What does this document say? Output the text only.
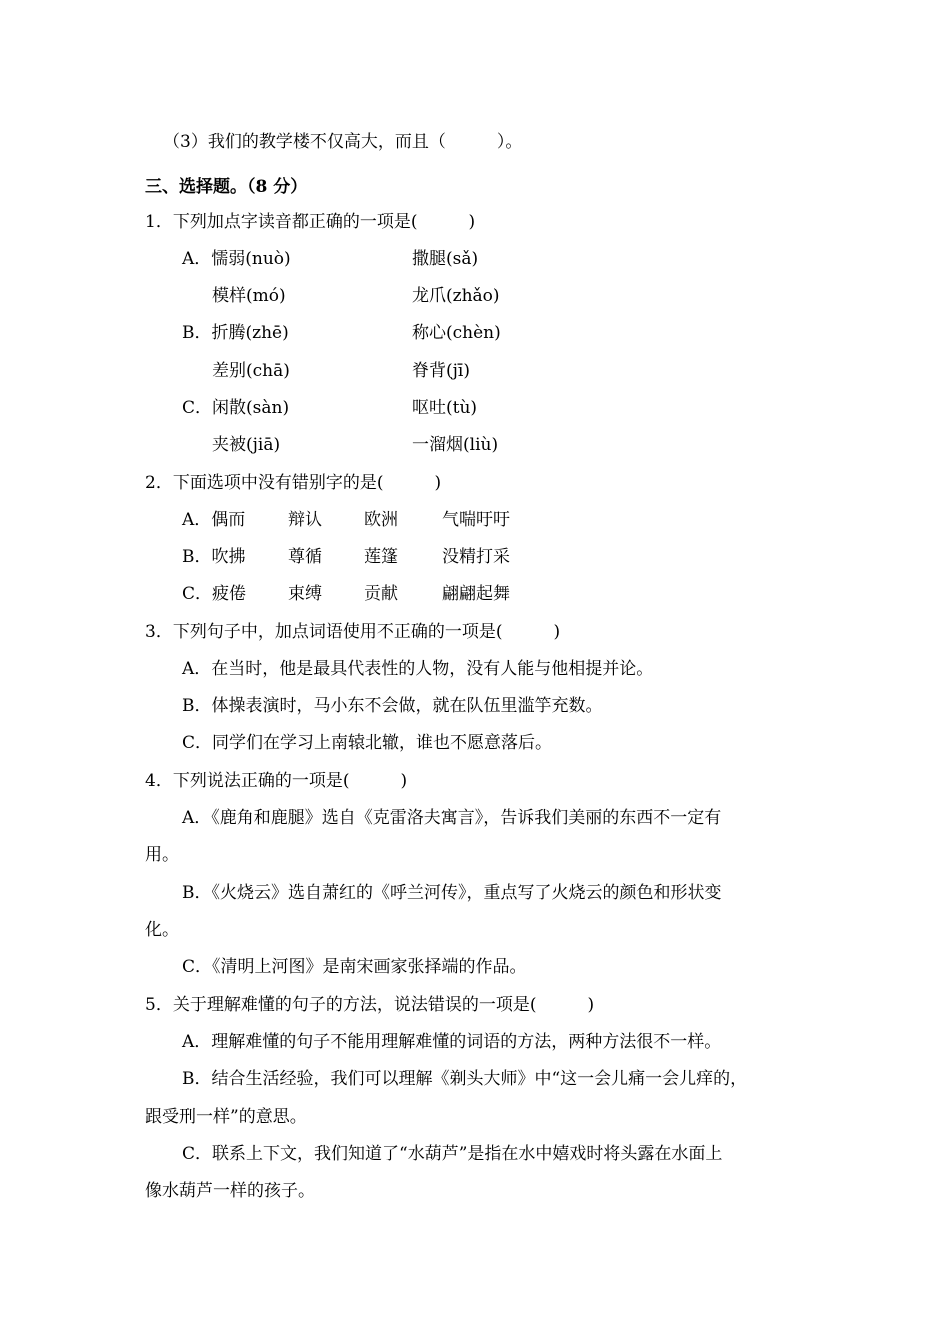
（3）我们的教学楼不仅高大，而且（　　　）。
三、选择题。（8 分）
1．下列加点字读音都正确的一项是(　　　)
A．懦弱(nuò)	撒腿(sǎ)
模样(mó)	龙爪(zhǎo)
B．折腾(zhē)	称心(chèn)
差别(chā)	脊背(jī)
C．闲散(sàn)	呕吐(tù)
夹被(jiā)	一溜烟(liù)
2．下面选项中没有错别字的是(　　　)
A．偶而	辩认 欧洲	气喘吁吁
B．吹拂	尊循 莲篷	没精打采
C．疲倦 束缚 贡献	翩翩起舞
3．下列句子中，加点词语使用不正确的一项是(　　　)
A．在当时，他是最具代表性的人物，没有人能与他相提并论。
B．体操表演时，马小东不会做，就在队伍里滥竽充数。
C．同学们在学习上南辕北辙，谁也不愿意落后。
4．下列说法正确的一项是(　　　)
A．《鹿角和鹿腿》选自《克雷洛夫寓言》，告诉我们美丽的东西不一定有
用。
B．《火烧云》选自萧红的《呼兰河传》，重点写了火烧云的颜色和形状变
化。
C．《清明上河图》是南宋画家张择端的作品。
5．关于理解难懂的句子的方法，说法错误的一项是(　　　)
A．理解难懂的句子不能用理解难懂的词语的方法，两种方法很不一样。
B．结合生活经验，我们可以理解《剃头大师》中“这一会儿痛一会儿痒的，
跟受刑一样”的意思。
C．联系上下文，我们知道了“水葫芦”是指在水中嬉戏时将头露在水面上
像水葫芦一样的孩子。
